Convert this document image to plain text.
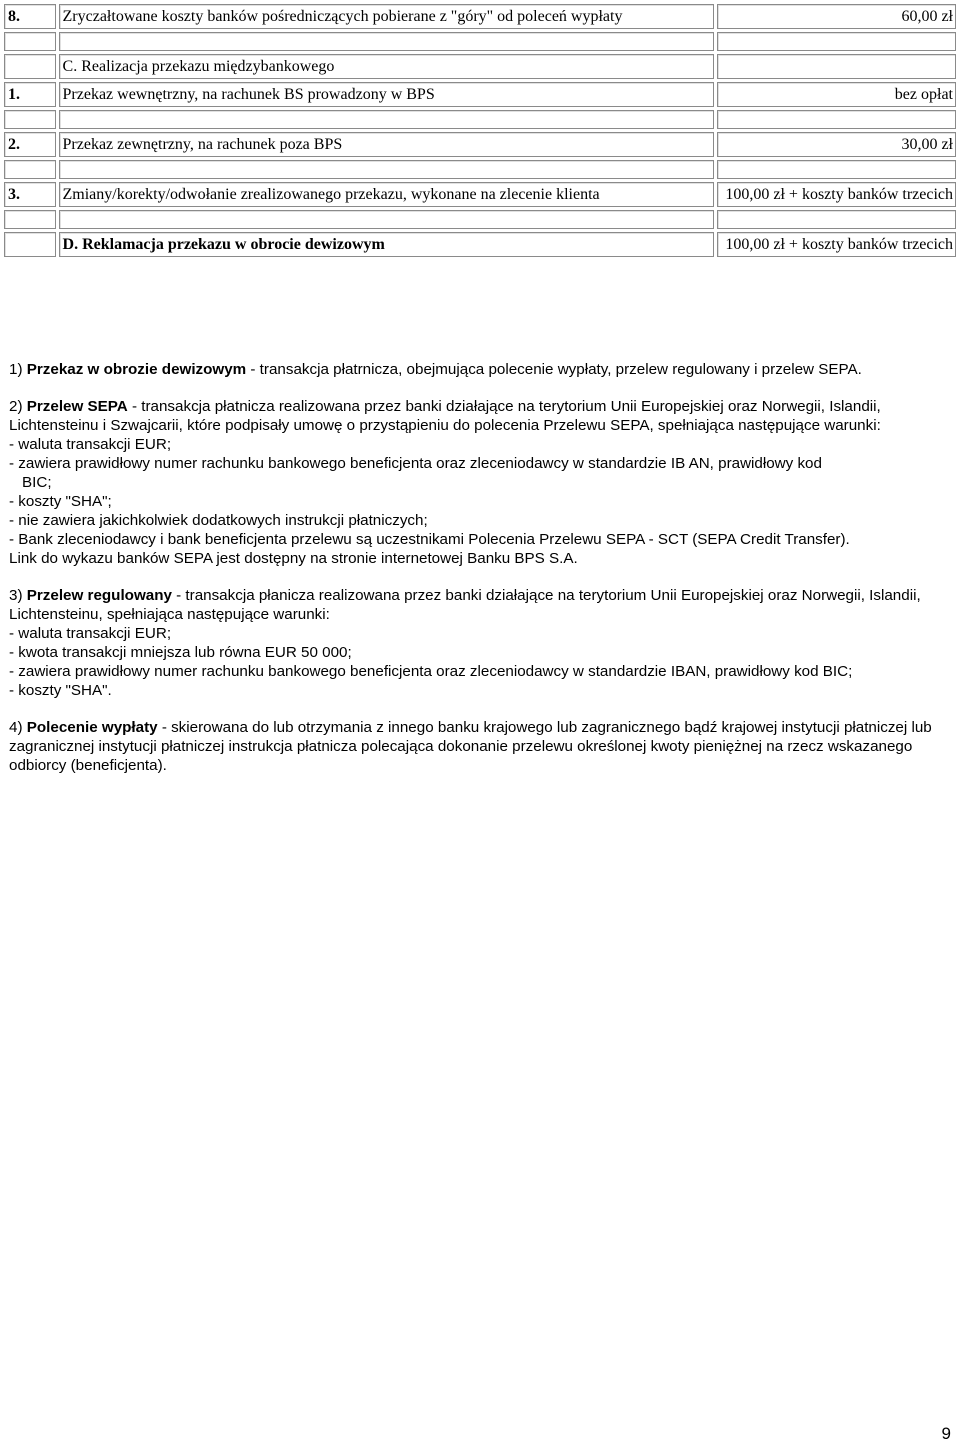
8.	Zryczałtowane koszty banków pośredniczących pobierane z "góry" od poleceń wypłaty	60,00 zł

	C. Realizacja przekazu międzybankowego	
1.	Przekaz wewnętrzny, na rachunek BS prowadzony w BPS	bez opłat

2.	Przekaz zewnętrzny, na rachunek poza BPS	30,00 zł

3.	Zmiany/korekty/odwołanie zrealizowanego przekazu, wykonane na zlecenie klienta	100,00 zł + koszty banków trzecich

	D. Reklamacja przekazu w obrocie dewizowym	100,00 zł + koszty banków trzecich

1) Przekaz w obrozie dewizowym - transakcja płatrnicza, obejmująca polecenie wypłaty, przelew regulowany i przelew SEPA.

2) Przelew SEPA - transakcja płatnicza realizowana przez banki działające na terytorium Unii Europejskiej oraz Norwegii, Islandii, Lichtensteinu i Szwajcarii, które podpisały umowę o przystąpieniu do polecenia Przelewu SEPA, spełniająca następujące warunki:
- waluta transakcji EUR;
- zawiera prawidłowy numer rachunku bankowego beneficjenta oraz zleceniodawcy w standardzie IB AN, prawidłowy kod
BIC;
- koszty "SHA";
- nie zawiera jakichkolwiek dodatkowych instrukcji płatniczych;
- Bank zleceniodawcy i bank beneficjenta przelewu są uczestnikami Polecenia Przelewu SEPA - SCT (SEPA Credit Transfer).
Link do wykazu banków SEPA jest dostępny na stronie internetowej Banku BPS S.A.

3) Przelew regulowany - transakcja płanicza realizowana przez banki działające na terytorium Unii Europejskiej oraz Norwegii, Islandii, Lichtensteinu, spełniająca następujące warunki:
- waluta transakcji EUR;
- kwota transakcji mniejsza lub równa EUR 50 000;
- zawiera prawidłowy numer rachunku bankowego beneficjenta oraz zleceniodawcy w standardzie IBAN, prawidłowy kod BIC;
- koszty "SHA".

4) Polecenie wypłaty - skierowana do lub otrzymania z innego banku krajowego lub zagranicznego bądź krajowej instytucji płatniczej lub zagranicznej instytucji płatniczej instrukcja płatnicza polecająca dokonanie przelewu określonej kwoty pieniężnej na rzecz wskazanego odbiorcy (beneficjenta).

9
